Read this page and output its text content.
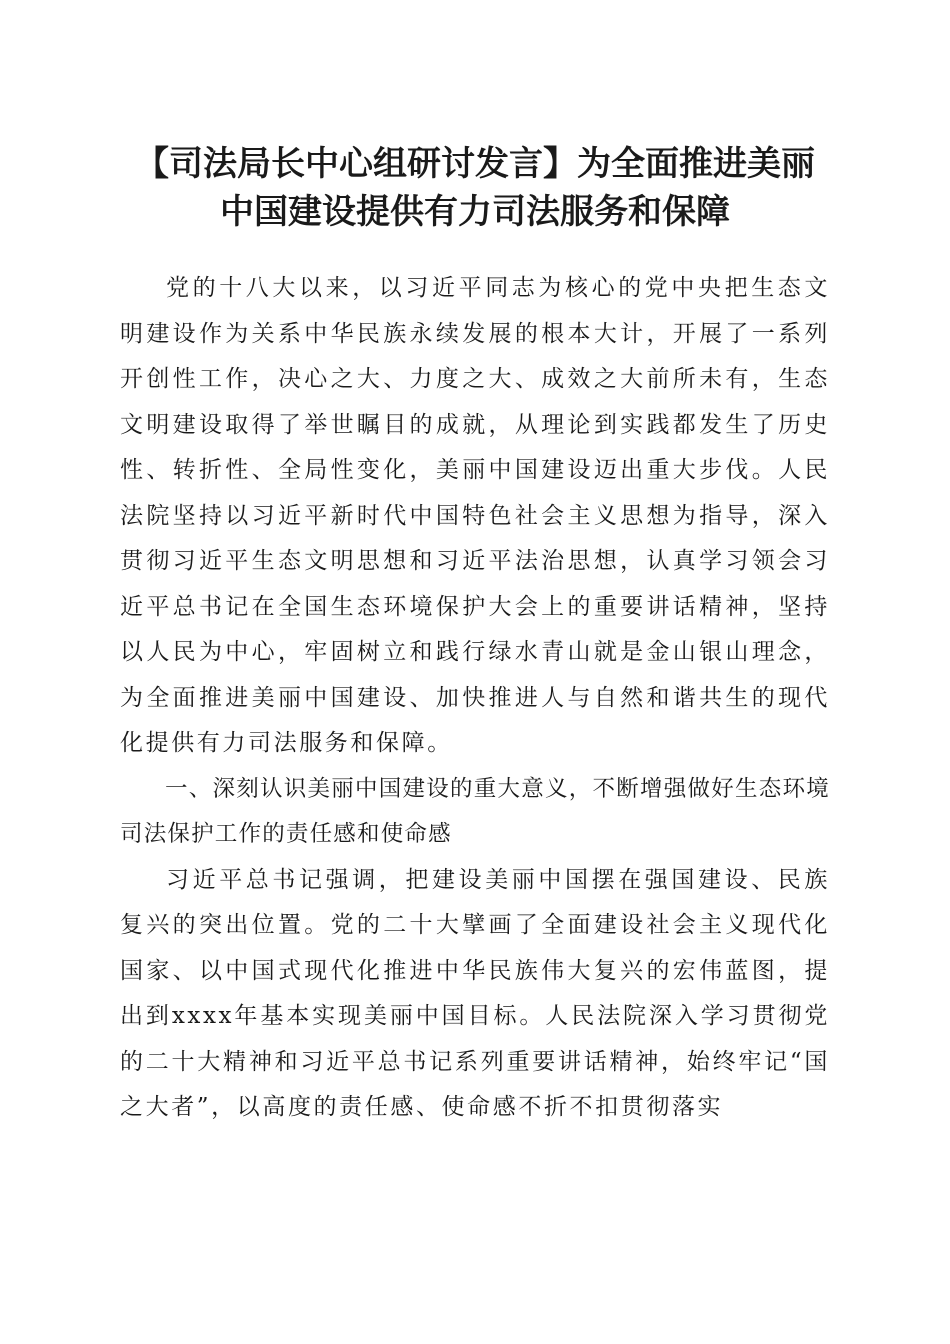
【司法局长中心组研讨发言】为全面推进美丽
中国建设提供有力司法服务和保障

党的十八大以来，以习近平同志为核心的党中央把生态文明建设作为关系中华民族永续发展的根本大计，开展了一系列开创性工作，决心之大、力度之大、成效之大前所未有，生态文明建设取得了举世瞩目的成就，从理论到实践都发生了历史性、转折性、全局性变化，美丽中国建设迈出重大步伐。人民法院坚持以习近平新时代中国特色社会主义思想为指导，深入贯彻习近平生态文明思想和习近平法治思想，认真学习领会习近平总书记在全国生态环境保护大会上的重要讲话精神，坚持以人民为中心，牢固树立和践行绿水青山就是金山银山理念，为全面推进美丽中国建设、加快推进人与自然和谐共生的现代化提供有力司法服务和保障。

一、深刻认识美丽中国建设的重大意义，不断增强做好生态环境司法保护工作的责任感和使命感

习近平总书记强调，把建设美丽中国摆在强国建设、民族复兴的突出位置。党的二十大擘画了全面建设社会主义现代化国家、以中国式现代化推进中华民族伟大复兴的宏伟蓝图，提出到xxxx年基本实现美丽中国目标。人民法院深入学习贯彻党的二十大精神和习近平总书记系列重要讲话精神，始终牢记“国之大者”，以高度的责任感、使命感不折不扣贯彻落实
